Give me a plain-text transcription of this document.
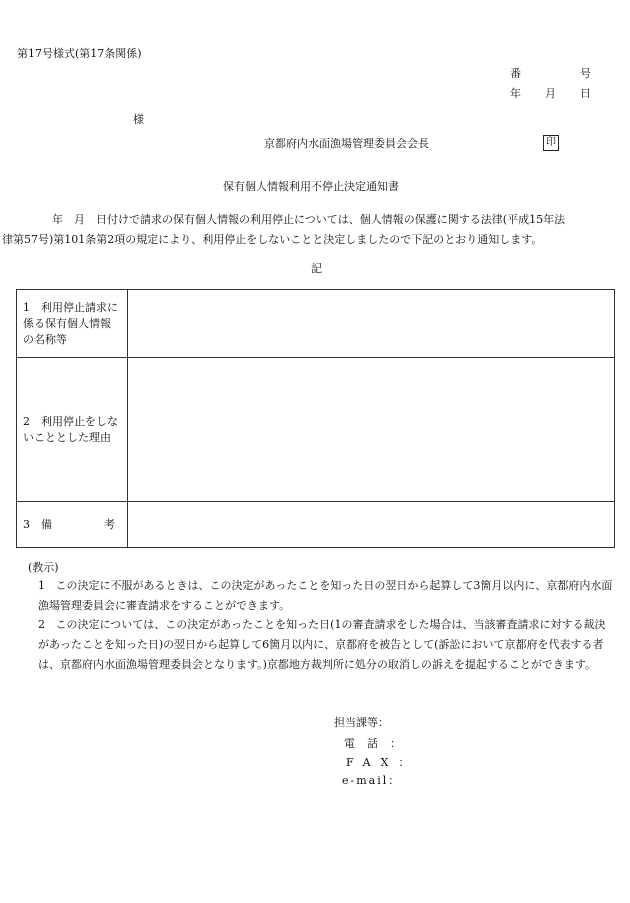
第17号様式(第17条関係)
番	号
年 月 日
様
京都府内水面漁場管理委員会会長	印
保有個人情報利用不停止決定通知書
年　月　日付けで請求の保有個人情報の利用停止については、個人情報の保護に関する法律(平成15年法
律第57号)第101条第2項の規定により、利用停止をしないことと決定しましたので下記のとおり通知します。
記
1　利用停止請求に係る保有個人情報の名称等	
2　利用停止をしないこととした理由	

3　備 考	

(教示)
1 この決定に不服があるときは、この決定があったことを知った日の翌日から起算して3箇月以内に、京都府内水面漁場管理委員会に審査請求をすることができます。
2 この決定については、この決定があったことを知った日(1の審査請求をした場合は、当該審査請求に対する裁決があったことを知った日)の翌日から起算して6箇月以内に、京都府を被告として(訴訟において京都府を代表する者は、京都府内水面漁場管理委員会となります。)京都地方裁判所に処分の取消しの訴えを提起することができます。
担当課等：
電話：
FAX：
e-mail：
